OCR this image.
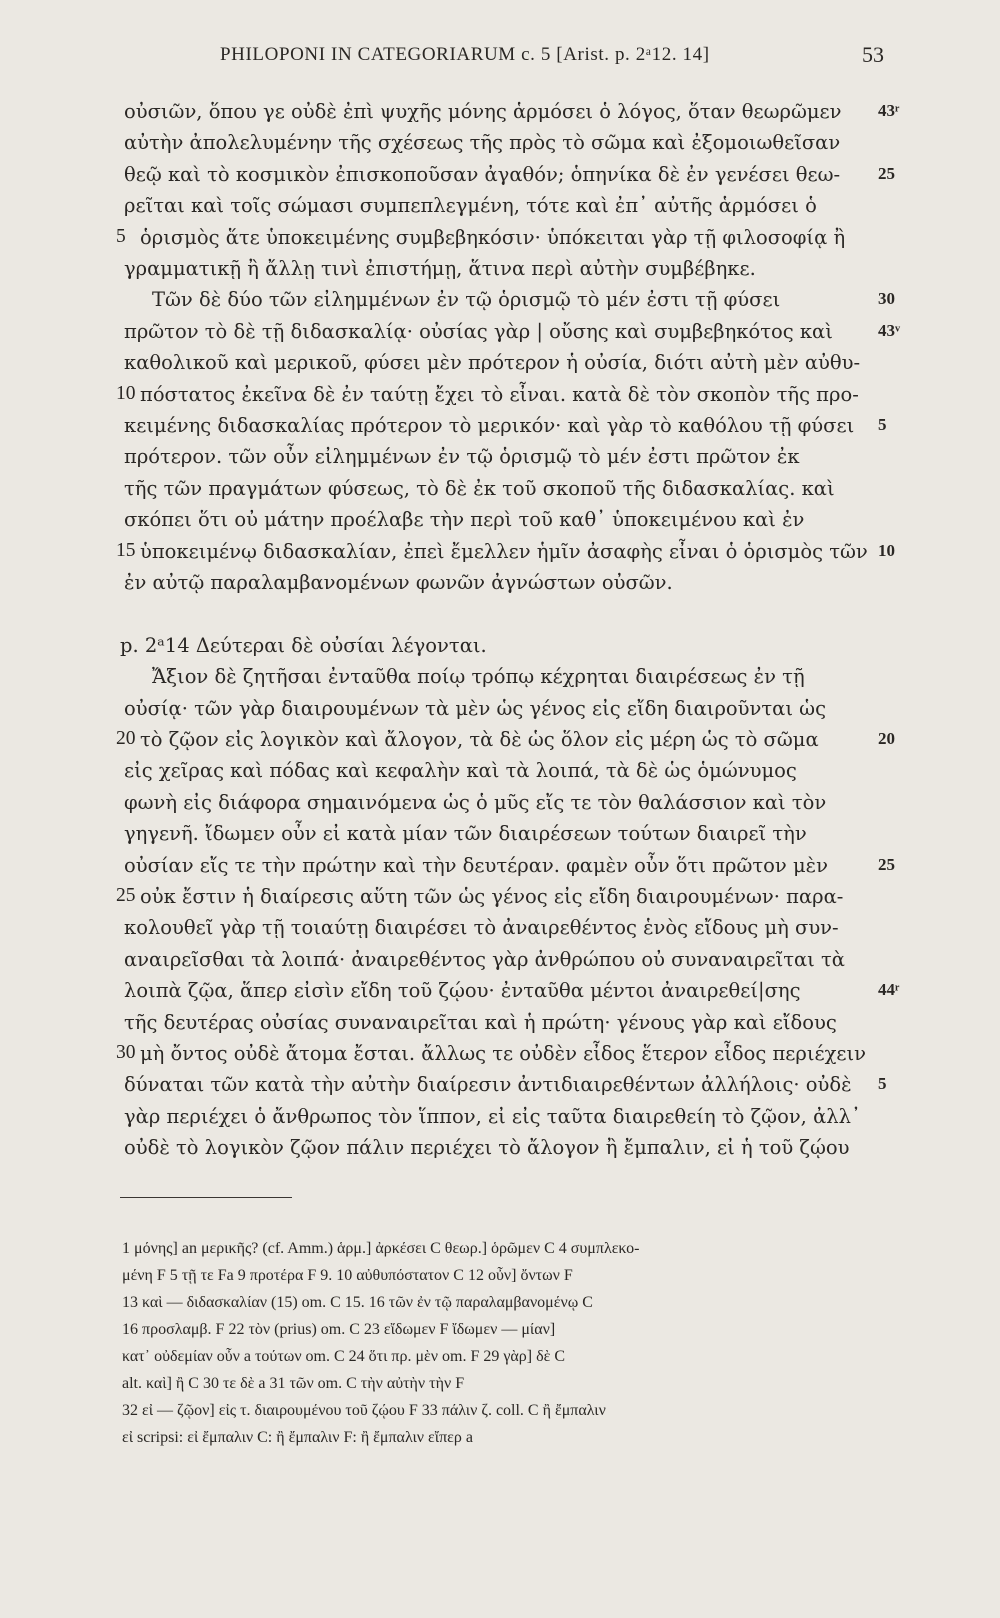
PHILOPONI IN CATEGORIARUM c. 5 [Arist. p. 2ᵃ12. 14]	53
οὐσιῶν, ὅπου γε οὐδὲ ἐπὶ ψυχῆς μόνης ἁρμόσει ὁ λόγος, ὅταν θεωρῶμεν
αὐτὴν ἀπολελυμένην τῆς σχέσεως τῆς πρὸς τὸ σῶμα καὶ ἐξομοιωθεῖσαν
θεῷ καὶ τὸ κοσμικὸν ἐπισκοποῦσαν ἀγαθόν; ὁπηνίκα δὲ ἐν γενέσει θεω-
ρεῖται καὶ τοῖς σώμασι συμπεπλεγμένη, τότε καὶ ἐπ᾽ αὐτῆς ἁρμόσει ὁ
5 ὁρισμὸς ἅτε ὑποκειμένης συμβεβηκόσιν· ὑπόκειται γὰρ τῇ φιλοσοφίᾳ ἢ
γραμματικῇ ἢ ἄλλῃ τινὶ ἐπιστήμῃ, ἅτινα περὶ αὐτὴν συμβέβηκε.
Τῶν δὲ δύο τῶν εἰλημμένων ἐν τῷ ὁρισμῷ τὸ μέν ἐστι τῇ φύσει
πρῶτον τὸ δὲ τῇ διδασκαλίᾳ· οὐσίας γὰρ | οὔσης καὶ συμβεβηκότος καὶ
καθολικοῦ καὶ μερικοῦ, φύσει μὲν πρότερον ἡ οὐσία, διότι αὐτὴ μὲν αὐθυ-
10 πόστατος ἐκεῖνα δὲ ἐν ταύτῃ ἔχει τὸ εἶναι. κατὰ δὲ τὸν σκοπὸν τῆς προ-
κειμένης διδασκαλίας πρότερον τὸ μερικόν· καὶ γὰρ τὸ καθόλου τῇ φύσει
πρότερον. τῶν οὖν εἰλημμένων ἐν τῷ ὁρισμῷ τὸ μέν ἐστι πρῶτον ἐκ
τῆς τῶν πραγμάτων φύσεως, τὸ δὲ ἐκ τοῦ σκοποῦ τῆς διδασκαλίας. καὶ
σκόπει ὅτι οὐ μάτην προέλαβε τὴν περὶ τοῦ καθ᾽ ὑποκειμένου καὶ ἐν
15 ὑποκειμένῳ διδασκαλίαν, ἐπεὶ ἔμελλεν ἡμῖν ἀσαφὴς εἶναι ὁ ὁρισμὸς τῶν
ἐν αὐτῷ παραλαμβανομένων φωνῶν ἀγνώστων οὐσῶν.
p. 2ᵃ14 Δεύτεραι δὲ οὐσίαι λέγονται.
Ἄξιον δὲ ζητῆσαι ἐνταῦθα ποίῳ τρόπῳ κέχρηται διαιρέσεως ἐν τῇ
οὐσίᾳ· τῶν γὰρ διαιρουμένων τὰ μὲν ὡς γένος εἰς εἴδη διαιροῦνται ὡς
20 τὸ ζῷον εἰς λογικὸν καὶ ἄλογον, τὰ δὲ ὡς ὅλον εἰς μέρη ὡς τὸ σῶμα
εἰς χεῖρας καὶ πόδας καὶ κεφαλὴν καὶ τὰ λοιπά, τὰ δὲ ὡς ὁμώνυμος
φωνὴ εἰς διάφορα σημαινόμενα ὡς ὁ μῦς εἴς τε τὸν θαλάσσιον καὶ τὸν
γηγενῆ. ἴδωμεν οὖν εἰ κατὰ μίαν τῶν διαιρέσεων τούτων διαιρεῖ τὴν
οὐσίαν εἴς τε τὴν πρώτην καὶ τὴν δευτέραν. φαμὲν οὖν ὅτι πρῶτον μὲν
25 οὐκ ἔστιν ἡ διαίρεσις αὕτη τῶν ὡς γένος εἰς εἴδη διαιρουμένων· παρα-
κολουθεῖ γὰρ τῇ τοιαύτῃ διαιρέσει τὸ ἀναιρεθέντος ἑνὸς εἴδους μὴ συν-
αναιρεῖσθαι τὰ λοιπά· ἀναιρεθέντος γὰρ ἀνθρώπου οὐ συναναιρεῖται τὰ
λοιπὰ ζῷα, ἅπερ εἰσὶν εἴδη τοῦ ζῴου· ἐνταῦθα μέντοι ἀναιρεθεί|σης
τῆς δευτέρας οὐσίας συναναιρεῖται καὶ ἡ πρώτη· γένους γὰρ καὶ εἴδους
30 μὴ ὄντος οὐδὲ ἄτομα ἔσται. ἄλλως τε οὐδὲν εἶδος ἕτερον εἶδος περιέχειν
δύναται τῶν κατὰ τὴν αὐτὴν διαίρεσιν ἀντιδιαιρεθέντων ἀλλήλοις· οὐδὲ
γὰρ περιέχει ὁ ἄνθρωπος τὸν ἵππον, εἰ εἰς ταῦτα διαιρεθείη τὸ ζῷον, ἀλλ᾽
οὐδὲ τὸ λογικὸν ζῷον πάλιν περιέχει τὸ ἄλογον ἢ ἔμπαλιν, εἰ ἡ τοῦ ζῴου
43ʳ
25
30
43ᵛ
5
10
20
25
44ʳ
5
1 μόνης] an μερικῆς? (cf. Amm.) ἁρμ.] ἀρκέσει C θεωρ.] ὁρῶμεν C 4 συμπλεκο-
μένη F 5 τῇ τε Fa 9 προτέρα F 9. 10 αὐθυπόστατον C 12 οὖν] ὄντων F
13 καὶ — διδασκαλίαν (15) om. C 15. 16 τῶν ἐν τῷ παραλαμβανομένῳ C
16 προσλαμβ. F 22 τὸν (prius) om. C 23 εἴδωμεν F ἴδωμεν — μίαν]
κατ᾽ οὐδεμίαν οὖν a τούτων om. C 24 ὅτι πρ. μὲν om. F 29 γὰρ] δὲ C
alt. καὶ] ἢ C 30 τε δὲ a 31 τῶν om. C τὴν αὐτὴν τὴν F
32 εἰ — ζῷον] εἰς τ. διαιρουμένου τοῦ ζῴου F 33 πάλιν ζ. coll. C ἢ ἔμπαλιν
εἰ scripsi: εἰ ἔμπαλιν C: ἢ ἔμπαλιν F: ἢ ἔμπαλιν εἴπερ a
